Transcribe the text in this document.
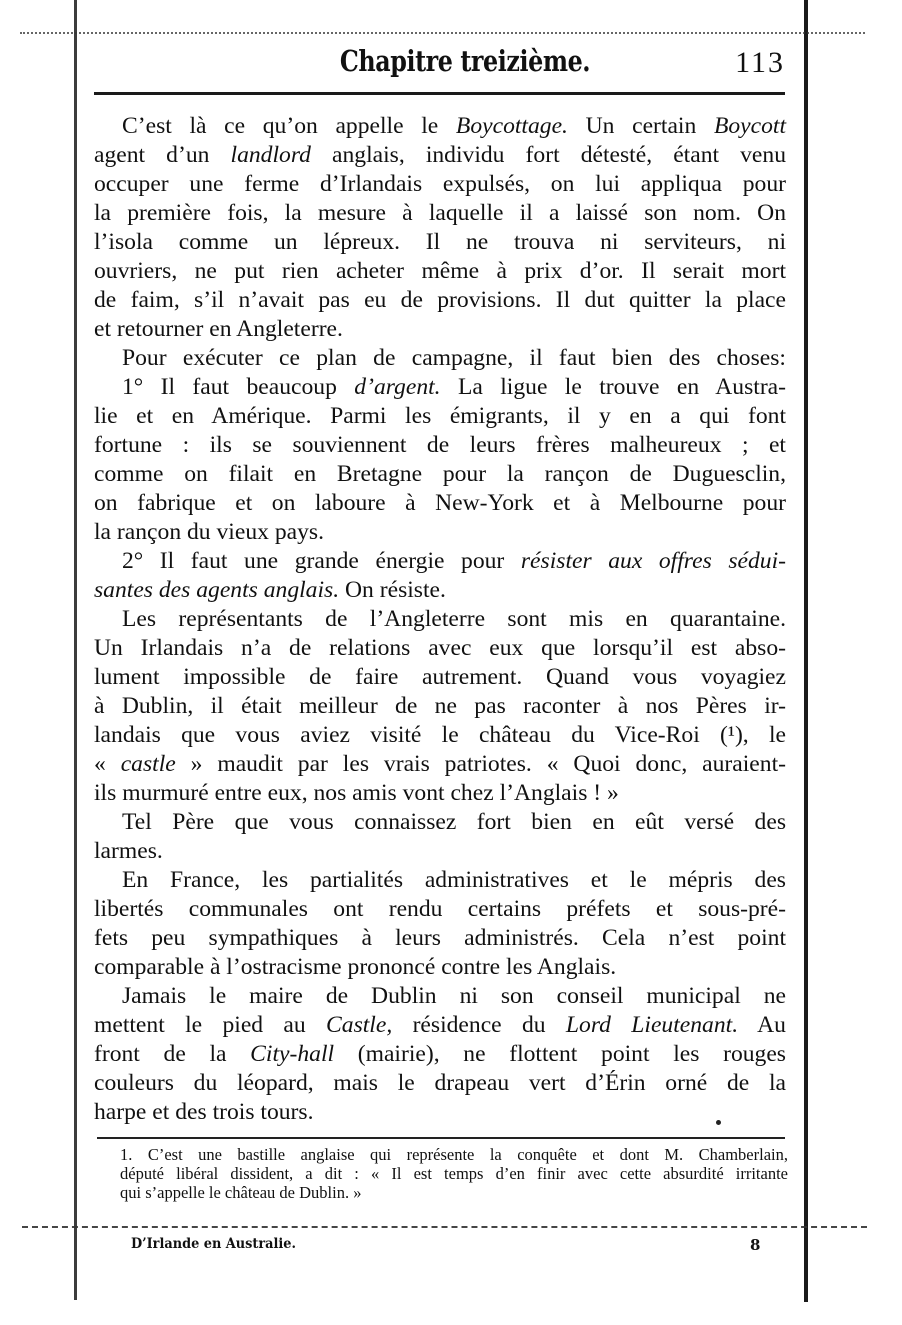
Chapitre treizième.	113
C’est là ce qu’on appelle le Boycottage. Un certain Boycott
agent d’un landlord anglais, individu fort détesté, étant venu
occuper une ferme d’Irlandais expulsés, on lui appliqua pour
la première fois, la mesure à laquelle il a laissé son nom. On
l’isola comme un lépreux. Il ne trouva ni serviteurs, ni
ouvriers, ne put rien acheter même à prix d’or. Il serait mort
de faim, s’il n’avait pas eu de provisions. Il dut quitter la place
et retourner en Angleterre.
Pour exécuter ce plan de campagne, il faut bien des choses:
1° Il faut beaucoup d’argent. La ligue le trouve en Austra-
lie et en Amérique. Parmi les émigrants, il y en a qui font
fortune : ils se souviennent de leurs frères malheureux ; et
comme on filait en Bretagne pour la rançon de Duguesclin,
on fabrique et on laboure à New-York et à Melbourne pour
la rançon du vieux pays.
2° Il faut une grande énergie pour résister aux offres sédui-
santes des agents anglais. On résiste.
Les représentants de l’Angleterre sont mis en quarantaine.
Un Irlandais n’a de relations avec eux que lorsqu’il est abso-
lument impossible de faire autrement. Quand vous voyagiez
à Dublin, il était meilleur de ne pas raconter à nos Pères ir-
landais que vous aviez visité le château du Vice-Roi (¹), le
« castle » maudit par les vrais patriotes. « Quoi donc, auraient-
ils murmuré entre eux, nos amis vont chez l’Anglais ! »
Tel Père que vous connaissez fort bien en eût versé des
larmes.
En France, les partialités administratives et le mépris des
libertés communales ont rendu certains préfets et sous-pré-
fets peu sympathiques à leurs administrés. Cela n’est point
comparable à l’ostracisme prononcé contre les Anglais.
Jamais le maire de Dublin ni son conseil municipal ne
mettent le pied au Castle, résidence du Lord Lieutenant. Au
front de la City-hall (mairie), ne flottent point les rouges
couleurs du léopard, mais le drapeau vert d’Érin orné de la
harpe et des trois tours.
1. C’est une bastille anglaise qui représente la conquête et dont M. Chamberlain,
député libéral dissident, a dit : « Il est temps d’en finir avec cette absurdité irritante
qui s’appelle le château de Dublin. »
D’Irlande en Australie.	8
